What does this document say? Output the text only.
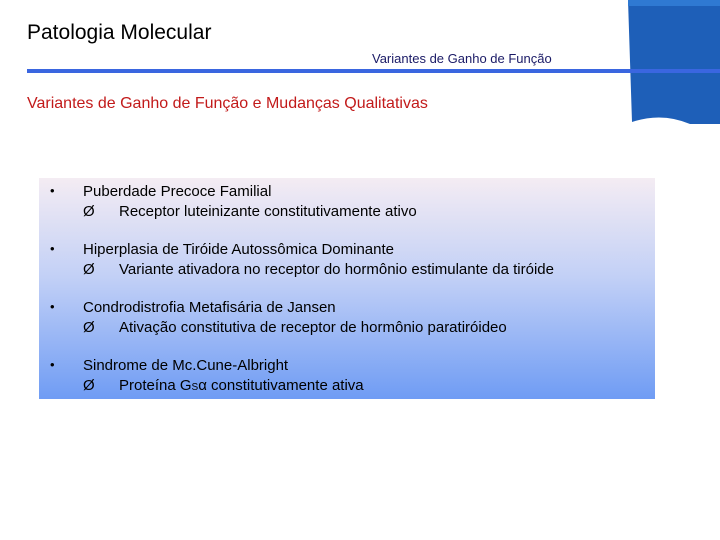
Patologia Molecular
Variantes de Ganho de Função
Variantes de Ganho de Função e Mudanças Qualitativas
• Puberdade Precoce Familial
Ø Receptor luteinizante constitutivamente ativo
• Hiperplasia de Tiróide Autossômica Dominante
Ø Variante ativadora no receptor do hormônio estimulante da tiróide
• Condrodistrofia Metafisária de Jansen
Ø Ativação constitutiva de receptor de hormônio paratiróideo
• Sindrome de Mc.Cune-Albright
Ø Proteína GSα constitutivamente ativa
